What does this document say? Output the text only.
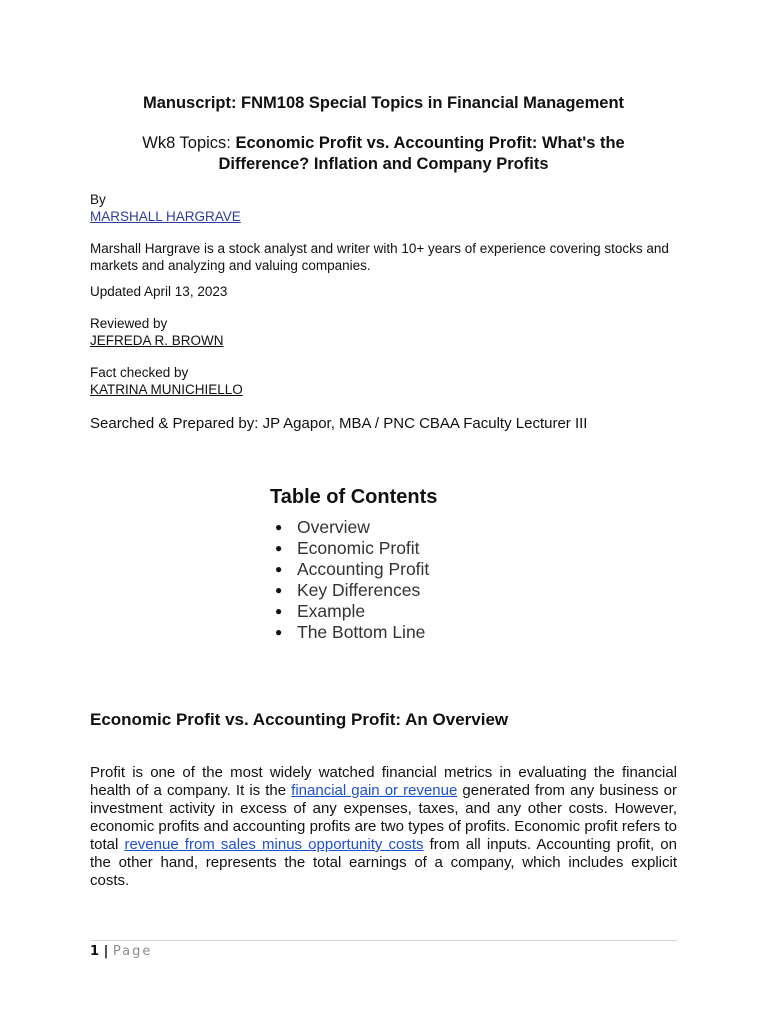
Manuscript: FNM108 Special Topics in Financial Management
Wk8 Topics: Economic Profit vs. Accounting Profit: What's the Difference? Inflation and Company Profits
By
MARSHALL HARGRAVE
Marshall Hargrave is a stock analyst and writer with 10+ years of experience covering stocks and markets and analyzing and valuing companies.
Updated April 13, 2023
Reviewed by
JEFREDA R. BROWN
Fact checked by
KATRINA MUNICHIELLO
Searched & Prepared by: JP Agapor, MBA / PNC CBAA Faculty Lecturer III
Table of Contents
● Overview
● Economic Profit
● Accounting Profit
● Key Differences
● Example
● The Bottom Line
Economic Profit vs. Accounting Profit: An Overview

Profit is one of the most widely watched financial metrics in evaluating the financial health of a company. It is the financial gain or revenue generated from any business or investment activity in excess of any expenses, taxes, and any other costs. However, economic profits and accounting profits are two types of profits. Economic profit refers to total revenue from sales minus opportunity costs from all inputs. Accounting profit, on the other hand, represents the total earnings of a company, which includes explicit costs.

1 | Page
